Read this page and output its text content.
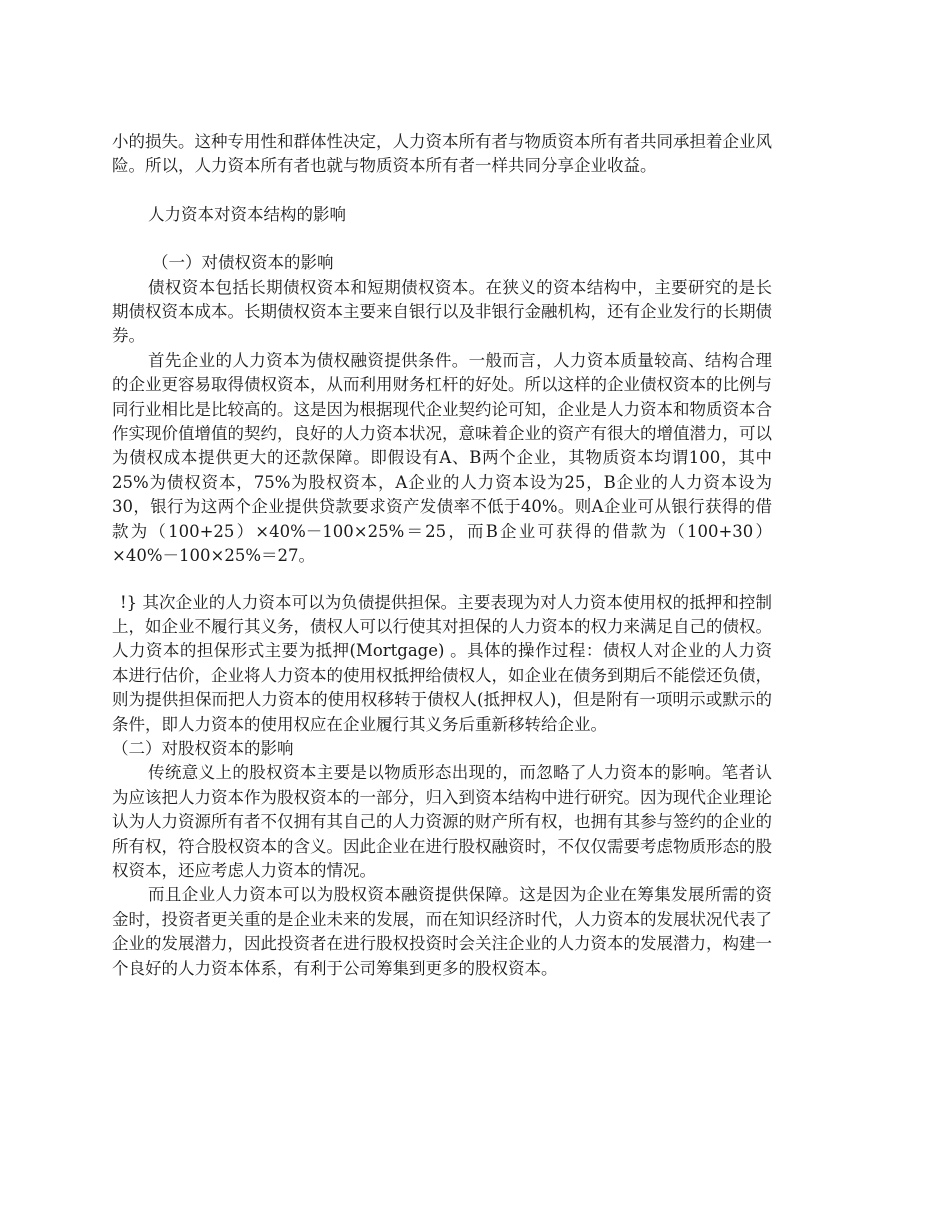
小的损失。这种专用性和群体性决定，人力资本所有者与物质资本所有者共同承担着企业风险。所以，人力资本所有者也就与物质资本所有者一样共同分享企业收益。

人力资本对资本结构的影响

（一）对债权资本的影响

债权资本包括长期债权资本和短期债权资本。在狭义的资本结构中，主要研究的是长期债权资本成本。长期债权资本主要来自银行以及非银行金融机构，还有企业发行的长期债券。

首先企业的人力资本为债权融资提供条件。一般而言，人力资本质量较高、结构合理的企业更容易取得债权资本，从而利用财务杠杆的好处。所以这样的企业债权资本的比例与同行业相比是比较高的。这是因为根据现代企业契约论可知，企业是人力资本和物质资本合作实现价值增值的契约，良好的人力资本状况，意味着企业的资产有很大的增值潜力，可以为债权成本提供更大的还款保障。即假设有A、B两个企业，其物质资本均谓100，其中25%为债权资本，75%为股权资本，A企业的人力资本设为25，B企业的人力资本设为30，银行为这两个企业提供贷款要求资产发债率不低于40%。则A企业可从银行获得的借款为（100+25）×40%－100×25%＝25，而B企业可获得的借款为（100+30）×40%－100×25%＝27。

!} 其次企业的人力资本可以为负债提供担保。主要表现为对人力资本使用权的抵押和控制上，如企业不履行其义务，债权人可以行使其对担保的人力资本的权力来满足自己的债权。人力资本的担保形式主要为抵押(Mortgage) 。具体的操作过程：债权人对企业的人力资本进行估价，企业将人力资本的使用权抵押给债权人，如企业在债务到期后不能偿还负债，则为提供担保而把人力资本的使用权移转于债权人(抵押权人)，但是附有一项明示或默示的条件，即人力资本的使用权应在企业履行其义务后重新移转给企业。

（二）对股权资本的影响

传统意义上的股权资本主要是以物质形态出现的，而忽略了人力资本的影响。笔者认为应该把人力资本作为股权资本的一部分，归入到资本结构中进行研究。因为现代企业理论认为人力资源所有者不仅拥有其自己的人力资源的财产所有权，也拥有其参与签约的企业的所有权，符合股权资本的含义。因此企业在进行股权融资时，不仅仅需要考虑物质形态的股权资本，还应考虑人力资本的情况。

而且企业人力资本可以为股权资本融资提供保障。这是因为企业在筹集发展所需的资金时，投资者更关重的是企业未来的发展，而在知识经济时代，人力资本的发展状况代表了企业的发展潜力，因此投资者在进行股权投资时会关注企业的人力资本的发展潜力，构建一个良好的人力资本体系，有利于公司筹集到更多的股权资本。
